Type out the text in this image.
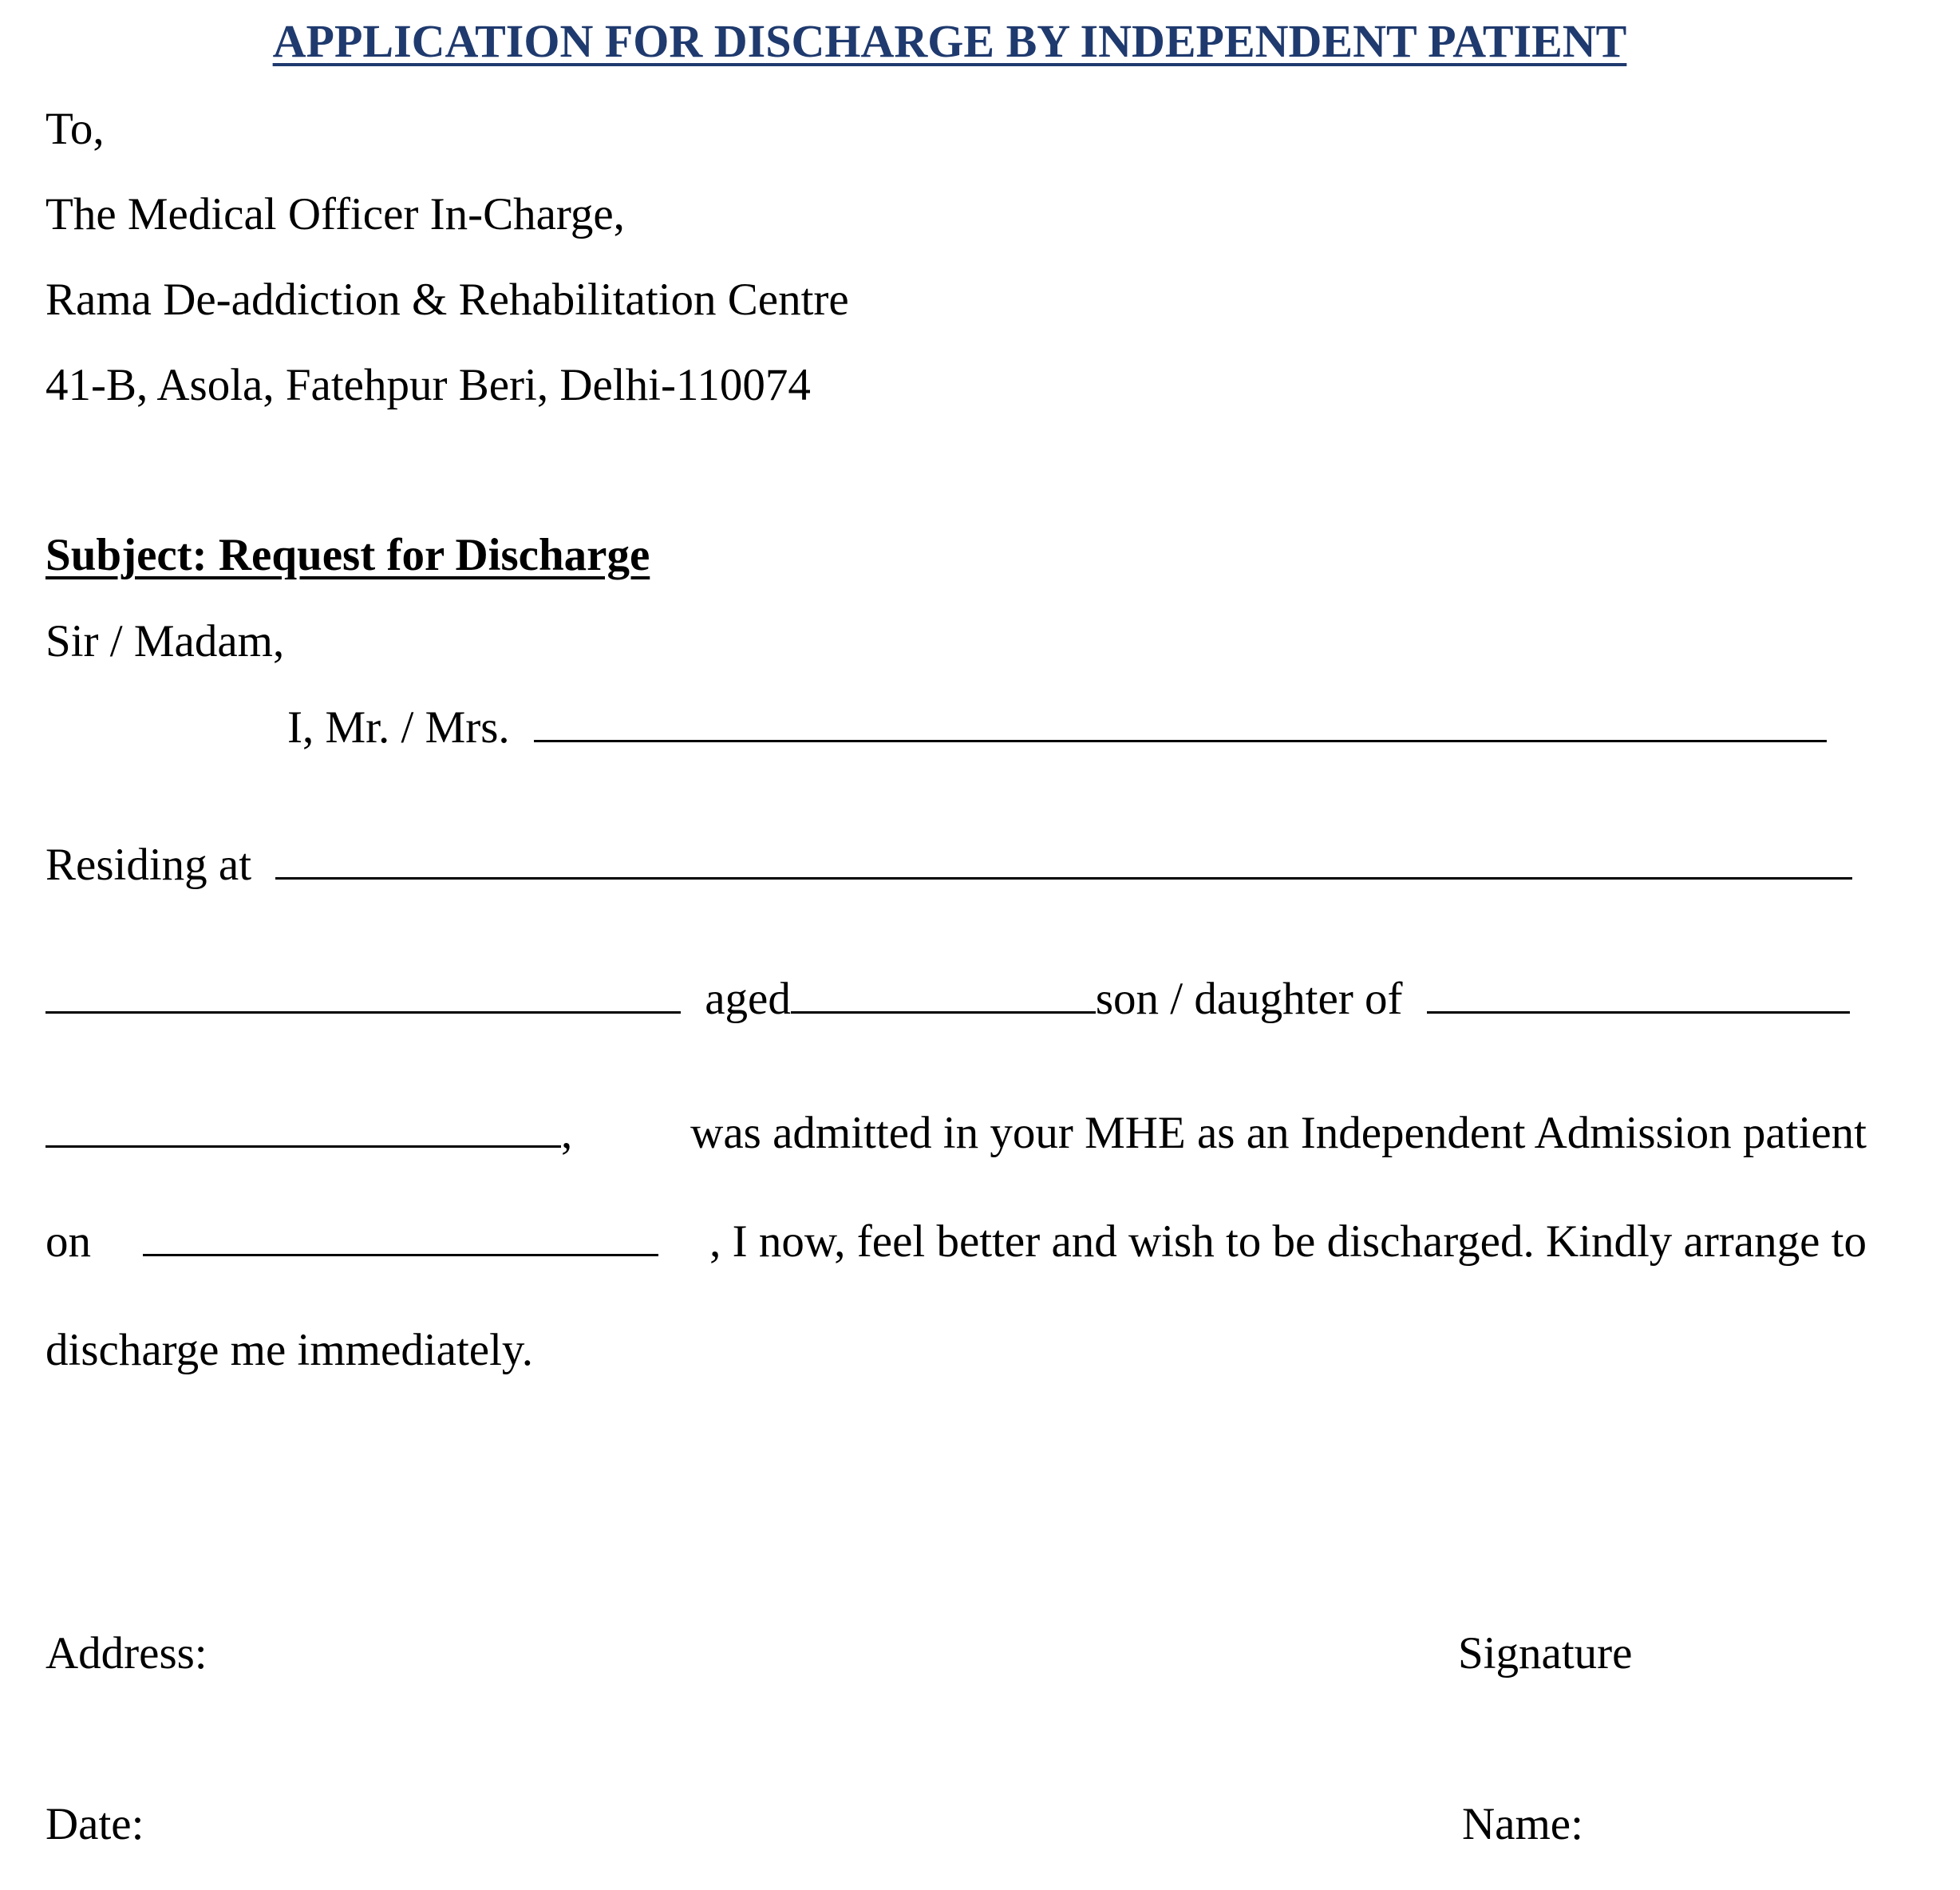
APPLICATION FOR DISCHARGE BY INDEPENDENT PATIENT
To,
The Medical Officer In-Charge,
Rama De-addiction & Rehabilitation Centre
41-B, Asola, Fatehpur Beri, Delhi-110074
Subject: Request for Discharge
Sir / Madam,
I, Mr. / Mrs.
Residing at
aged	son / daughter of
,	was admitted in your MHE as an Independent Admission patient
on	, I now, feel better and wish to be discharged. Kindly arrange to
discharge me immediately.
Address:	Signature
Date:	Name:
